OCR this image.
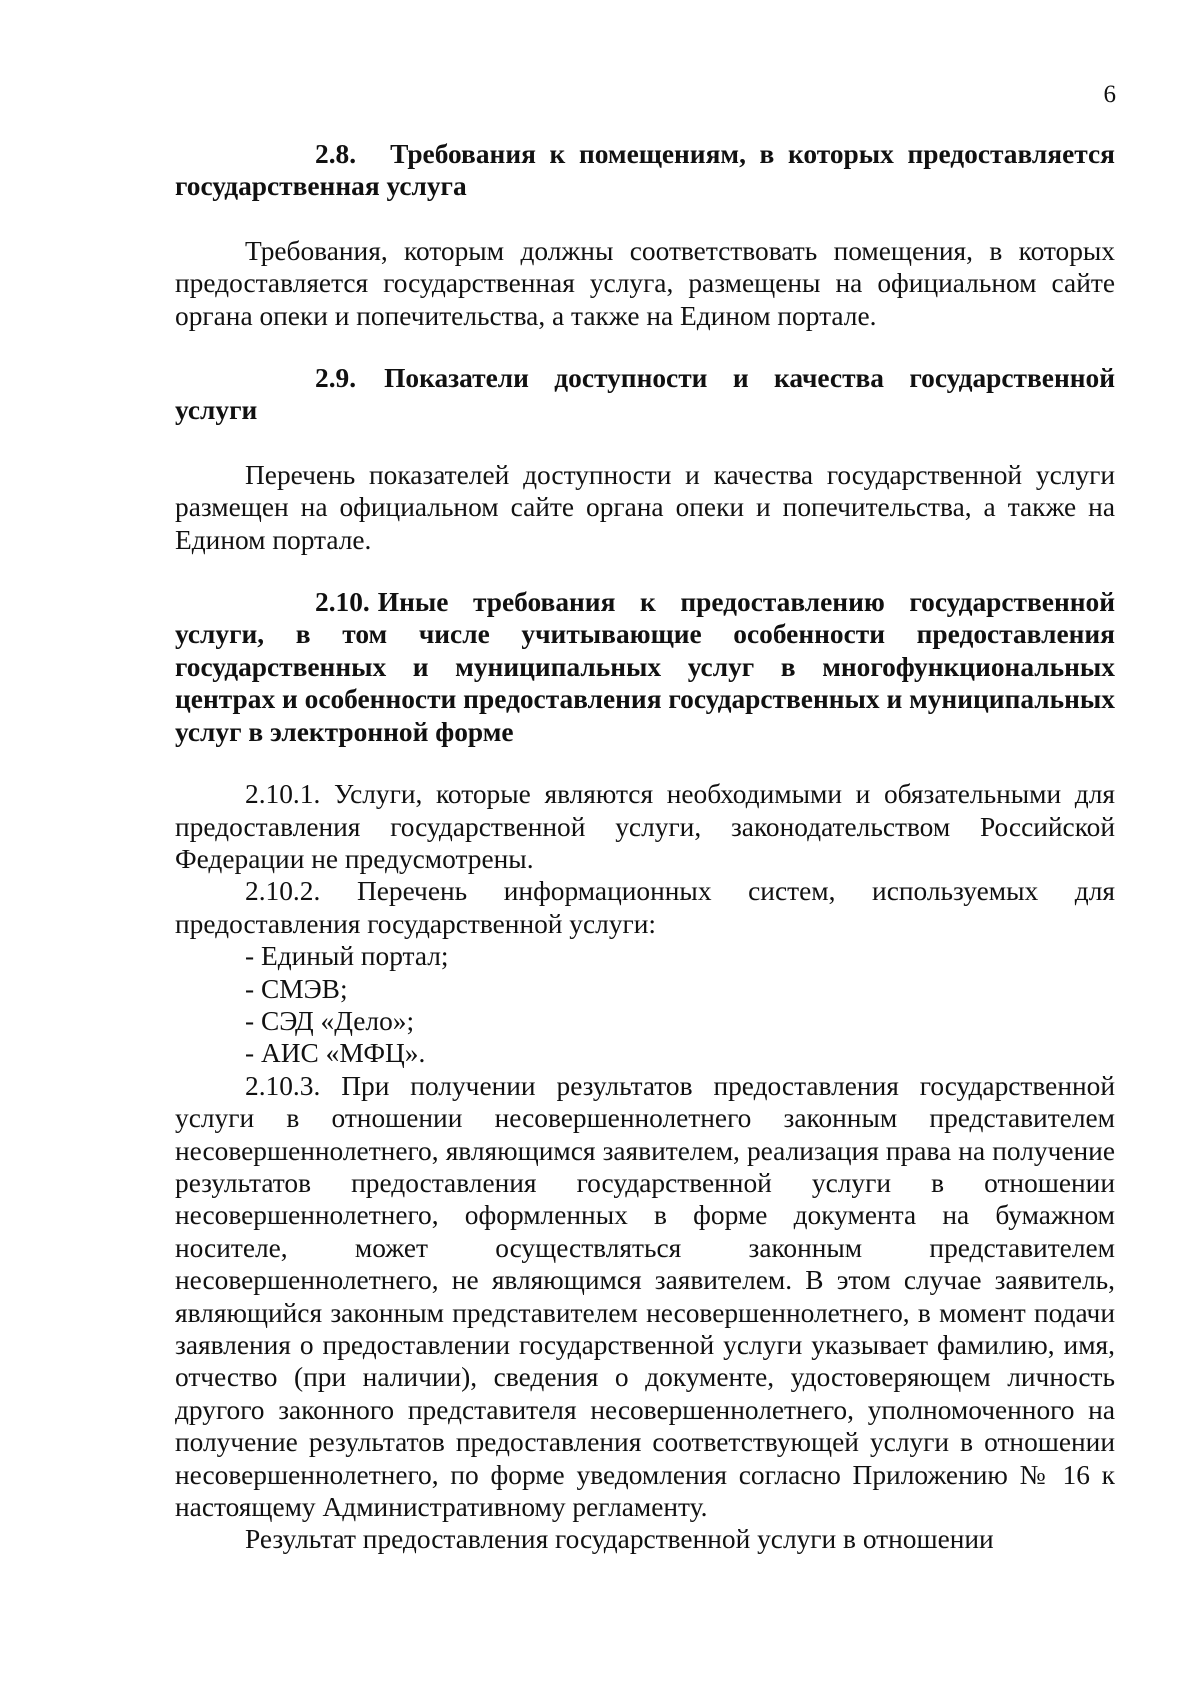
6
2.8. Требования к помещениям, в которых предоставляется государственная услуга

Требования, которым должны соответствовать помещения, в которых предоставляется государственная услуга, размещены на официальном сайте органа опеки и попечительства, а также на Едином портале.

2.9. Показатели доступности и качества государственной услуги

Перечень показателей доступности и качества государственной услуги размещен на официальном сайте органа опеки и попечительства, а также на Едином портале.

2.10. Иные требования к предоставлению государственной услуги, в том числе учитывающие особенности предоставления государственных и муниципальных услуг в многофункциональных центрах и особенности предоставления государственных и муниципальных услуг в электронной форме

2.10.1. Услуги, которые являются необходимыми и обязательными для предоставления государственной услуги, законодательством Российской Федерации не предусмотрены.

2.10.2. Перечень информационных систем, используемых для предоставления государственной услуги:

- Единый портал;

- СМЭВ;

- СЭД «Дело»;

- АИС «МФЦ».

2.10.3. При получении результатов предоставления государственной услуги в отношении несовершеннолетнего законным представителем несовершеннолетнего, являющимся заявителем, реализация права на получение результатов предоставления государственной услуги в отношении несовершеннолетнего, оформленных в форме документа на бумажном носителе, может осуществляться законным представителем несовершеннолетнего, не являющимся заявителем. В этом случае заявитель, являющийся законным представителем несовершеннолетнего, в момент подачи заявления о предоставлении государственной услуги указывает фамилию, имя, отчество (при наличии), сведения о документе, удостоверяющем личность другого законного представителя несовершеннолетнего, уполномоченного на получение результатов предоставления соответствующей услуги в отношении несовершеннолетнего, по форме уведомления согласно Приложению № 16 к настоящему Административному регламенту.

Результат предоставления государственной услуги в отношении
